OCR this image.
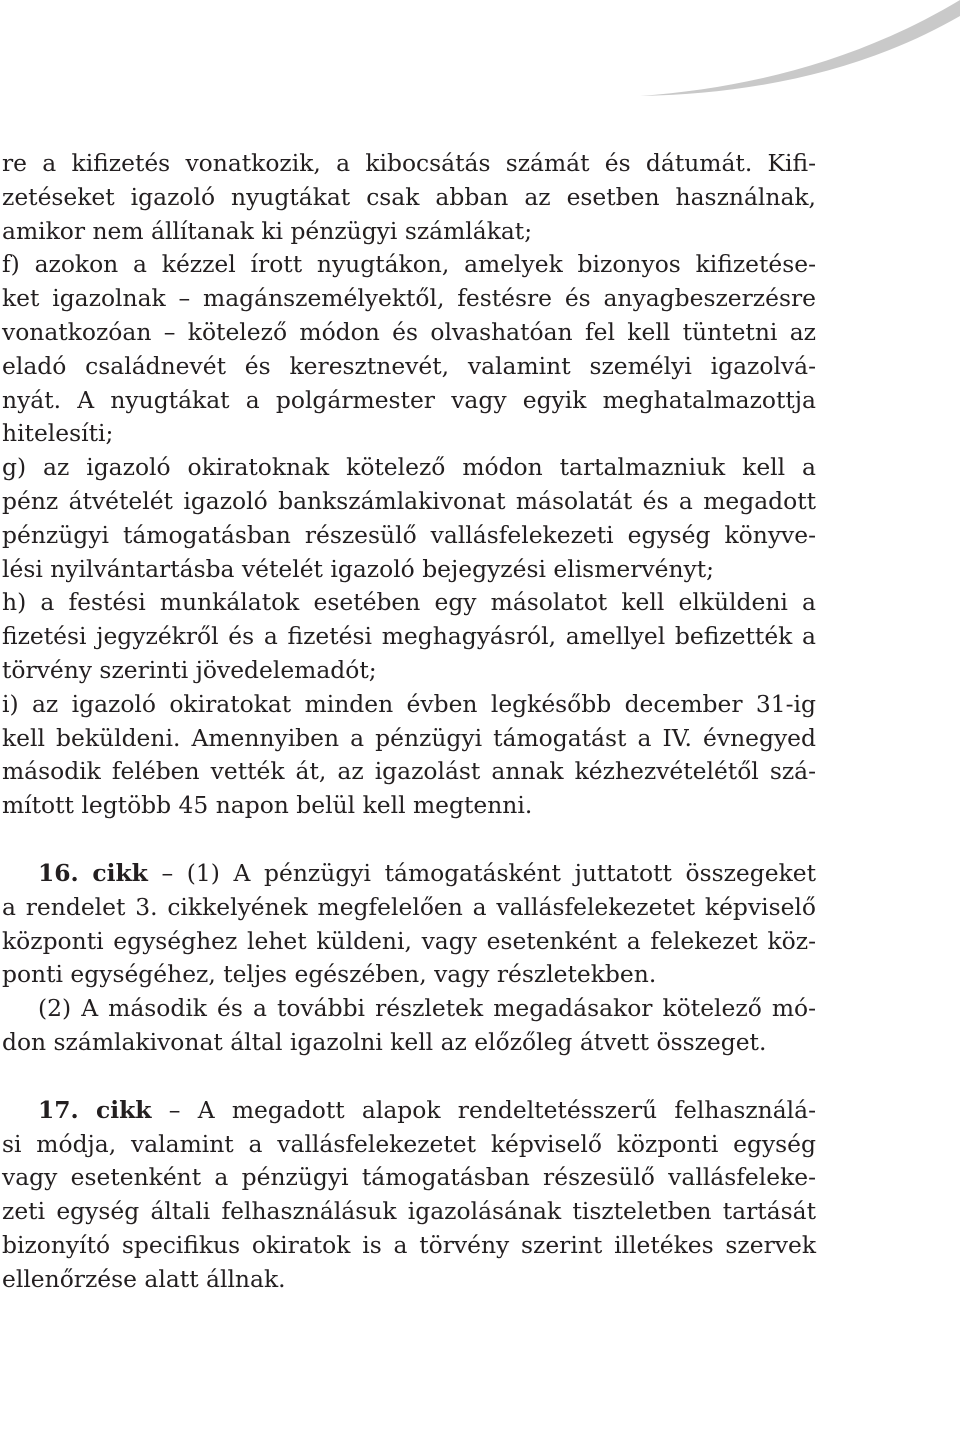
re a kifizetés vonatkozik, a kibocsátás számát és dátumát. Kifi-
zetéseket igazoló nyugtákat csak abban az esetben használnak,
amikor nem állítanak ki pénzügyi számlákat;
f) azokon a kézzel írott nyugtákon, amelyek bizonyos kifizetése-
ket igazolnak – magánszemélyektől, festésre és anyagbeszerzésre
vonatkozóan – kötelező módon és olvashatóan fel kell tüntetni az
eladó családnevét és keresztnevét, valamint személyi igazolvá-
nyát. A nyugtákat a polgármester vagy egyik meghatalmazottja
hitelesíti;
g) az igazoló okiratoknak kötelező módon tartalmazniuk kell a
pénz átvételét igazoló bankszámlakivonat másolatát és a megadott
pénzügyi támogatásban részesülő vallásfelekezeti egység könyve-
lési nyilvántartásba vételét igazoló bejegyzési elismervényt;
h) a festési munkálatok esetében egy másolatot kell elküldeni a
fizetési jegyzékről és a fizetési meghagyásról, amellyel befizették a
törvény szerinti jövedelemadót;
i) az igazoló okiratokat minden évben legkésőbb december 31-ig
kell beküldeni. Amennyiben a pénzügyi támogatást a IV. évnegyed
második felében vették át, az igazolást annak kézhezvételétől szá-
mított legtöbb 45 napon belül kell megtenni.
16. cikk – (1) A pénzügyi támogatásként juttatott összegeket
a rendelet 3. cikkelyének megfelelően a vallásfelekezetet képviselő
központi egységhez lehet küldeni, vagy esetenként a felekezet köz-
ponti egységéhez, teljes egészében, vagy részletekben.
(2) A második és a további részletek megadásakor kötelező mó-
don számlakivonat által igazolni kell az előzőleg átvett összeget.
17. cikk – A megadott alapok rendeltetésszerű felhasználá-
si módja, valamint a vallásfelekezetet képviselő központi egység
vagy esetenként a pénzügyi támogatásban részesülő vallásfeleke-
zeti egység általi felhasználásuk igazolásának tiszteletben tartását
bizonyító specifikus okiratok is a törvény szerint illetékes szervek
ellenőrzése alatt állnak.
